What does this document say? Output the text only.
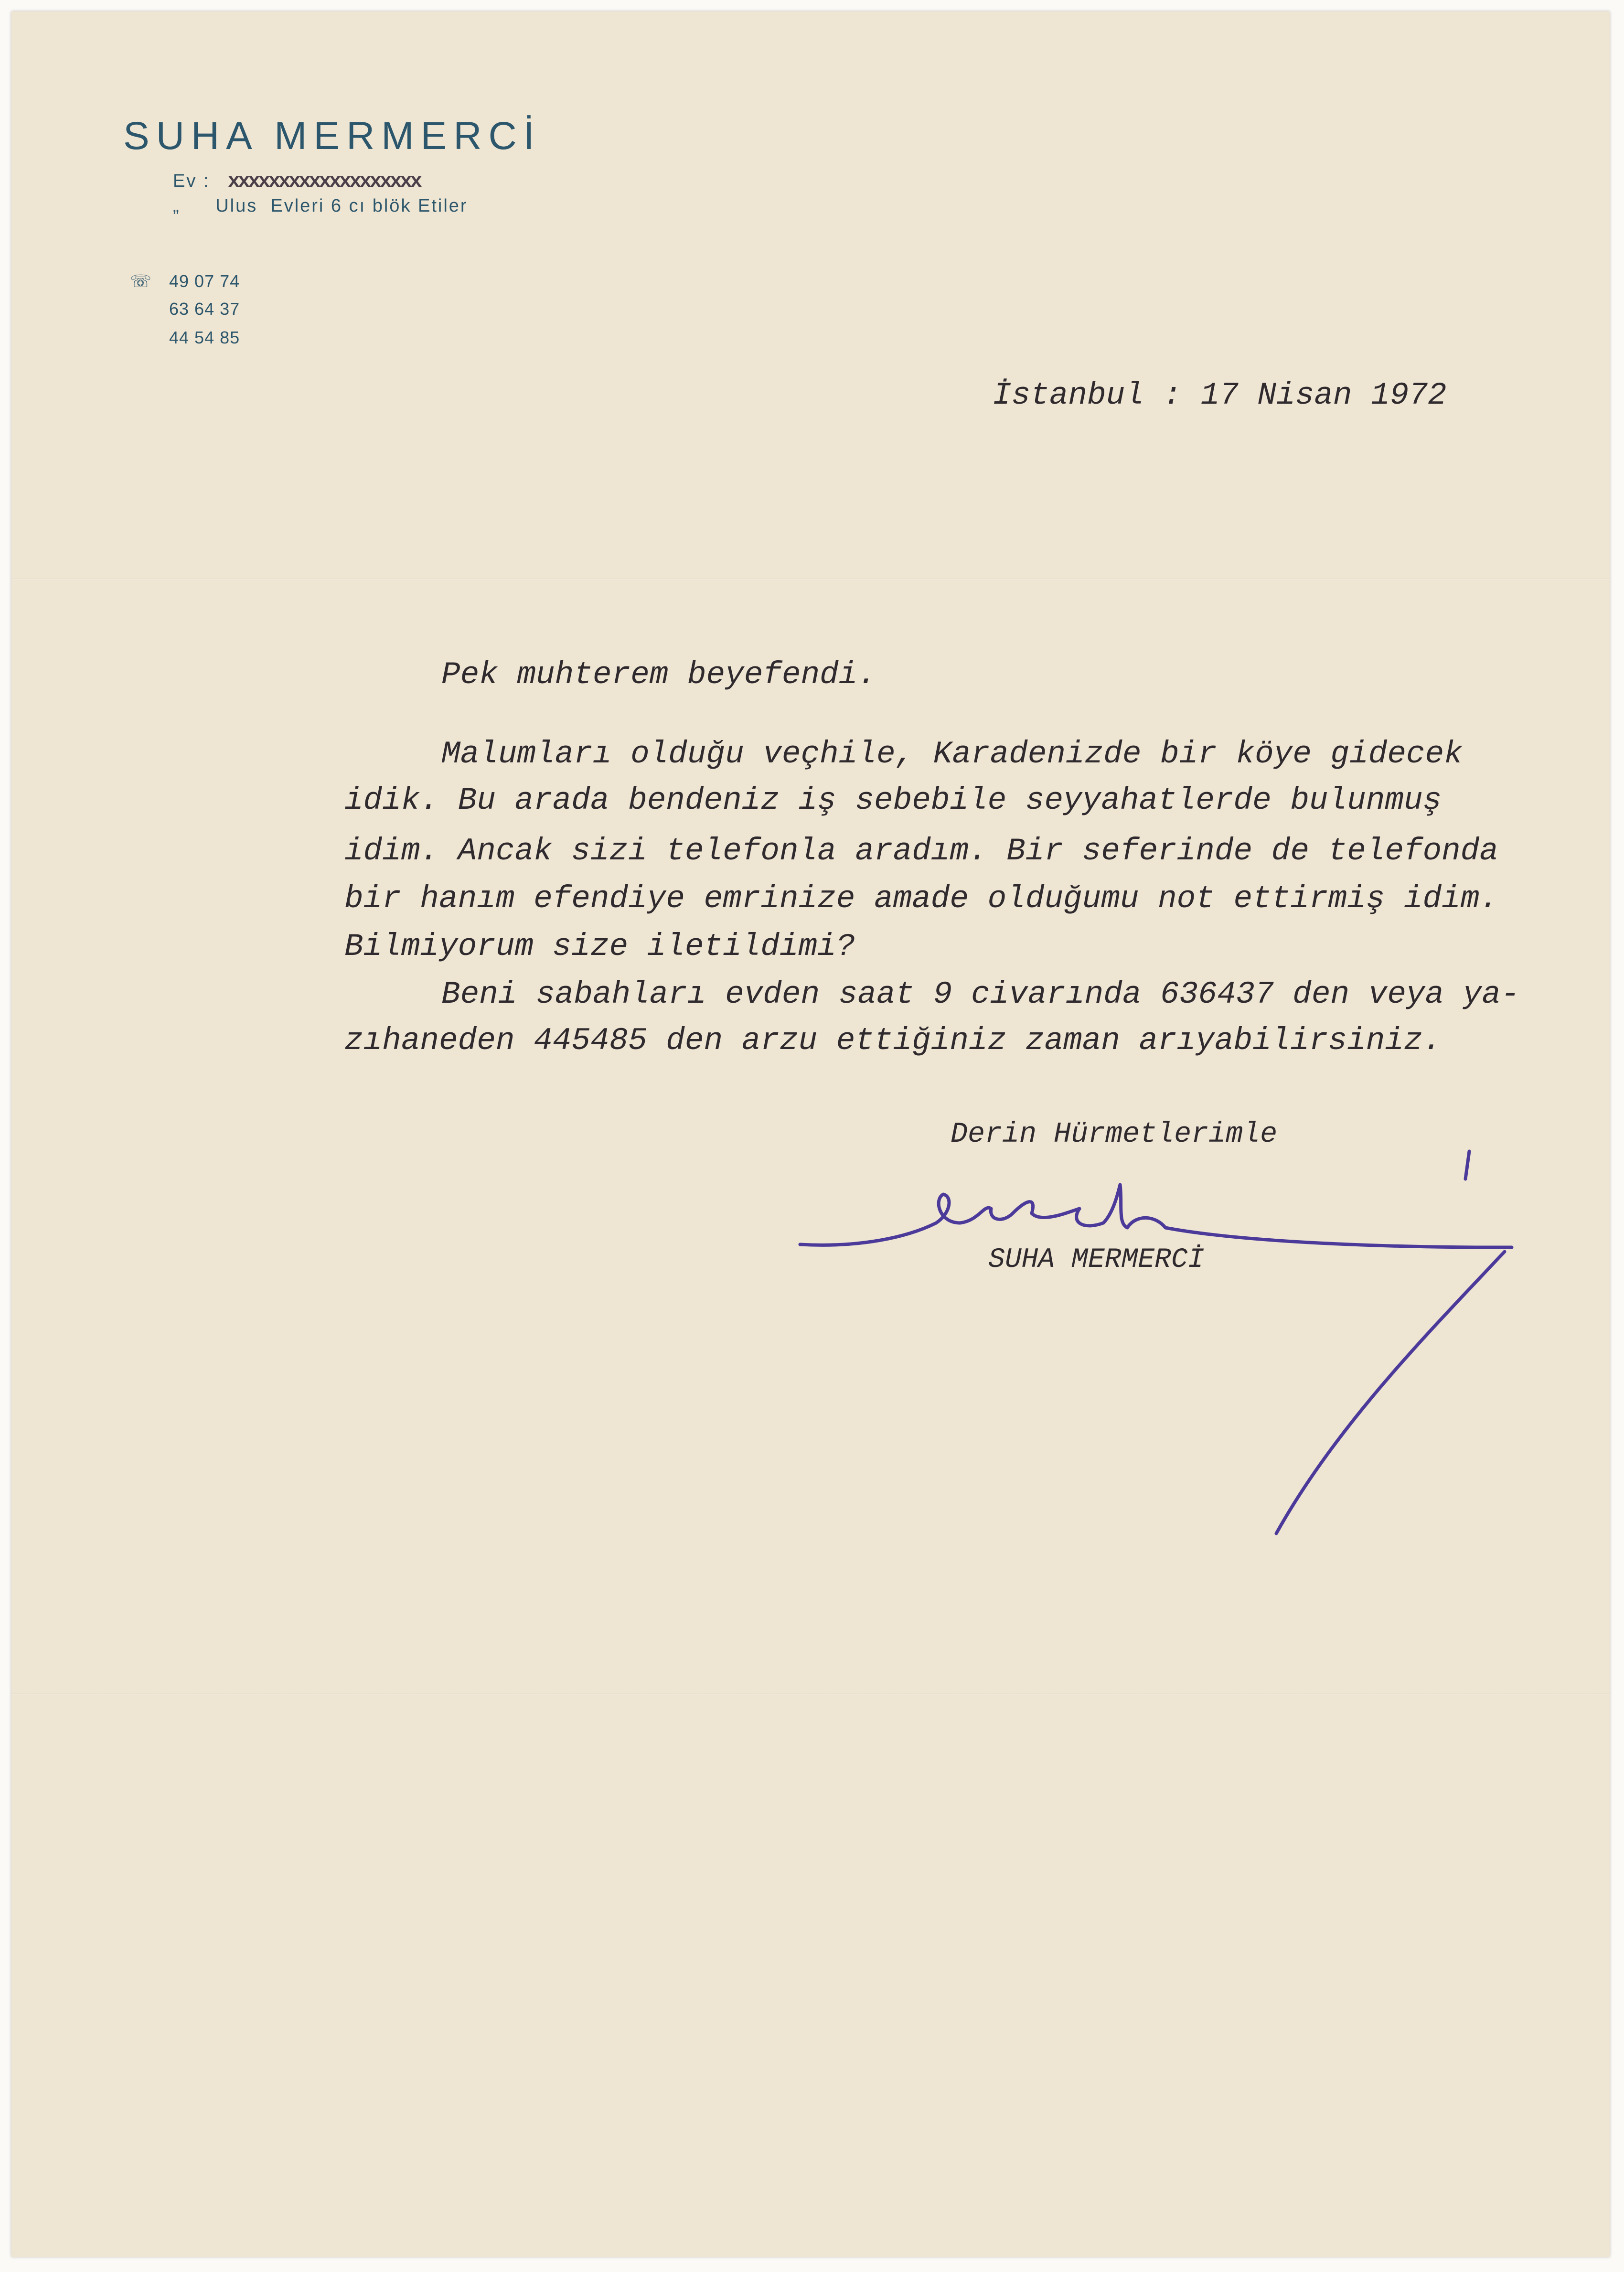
SUHA MERMERCİ
Ev : xxxxxxxxxxxxxxxxxxx
„ Ulus  Evleri 6 cı blök Etiler
☏ 49 07 74
63 64 37
44 54 85
İstanbul : 17 Nisan 1972
Pek muhterem beyefendi.
Malumları olduğu veçhile, Karadenizde bir köye gidecek
idik. Bu arada bendeniz iş sebebile seyyahatlerde bulunmuş
idim. Ancak sizi telefonla aradım. Bir seferinde de telefonda
bir hanım efendiye emrinize amade olduğumu not ettirmiş idim.
Bilmiyorum size iletildimi?
Beni sabahları evden saat 9 civarında 636437 den veya ya-
zıhaneden 445485 den arzu ettiğiniz zaman arıyabilirsiniz.
Derin Hürmetlerimle
SUHA MERMERCİ
